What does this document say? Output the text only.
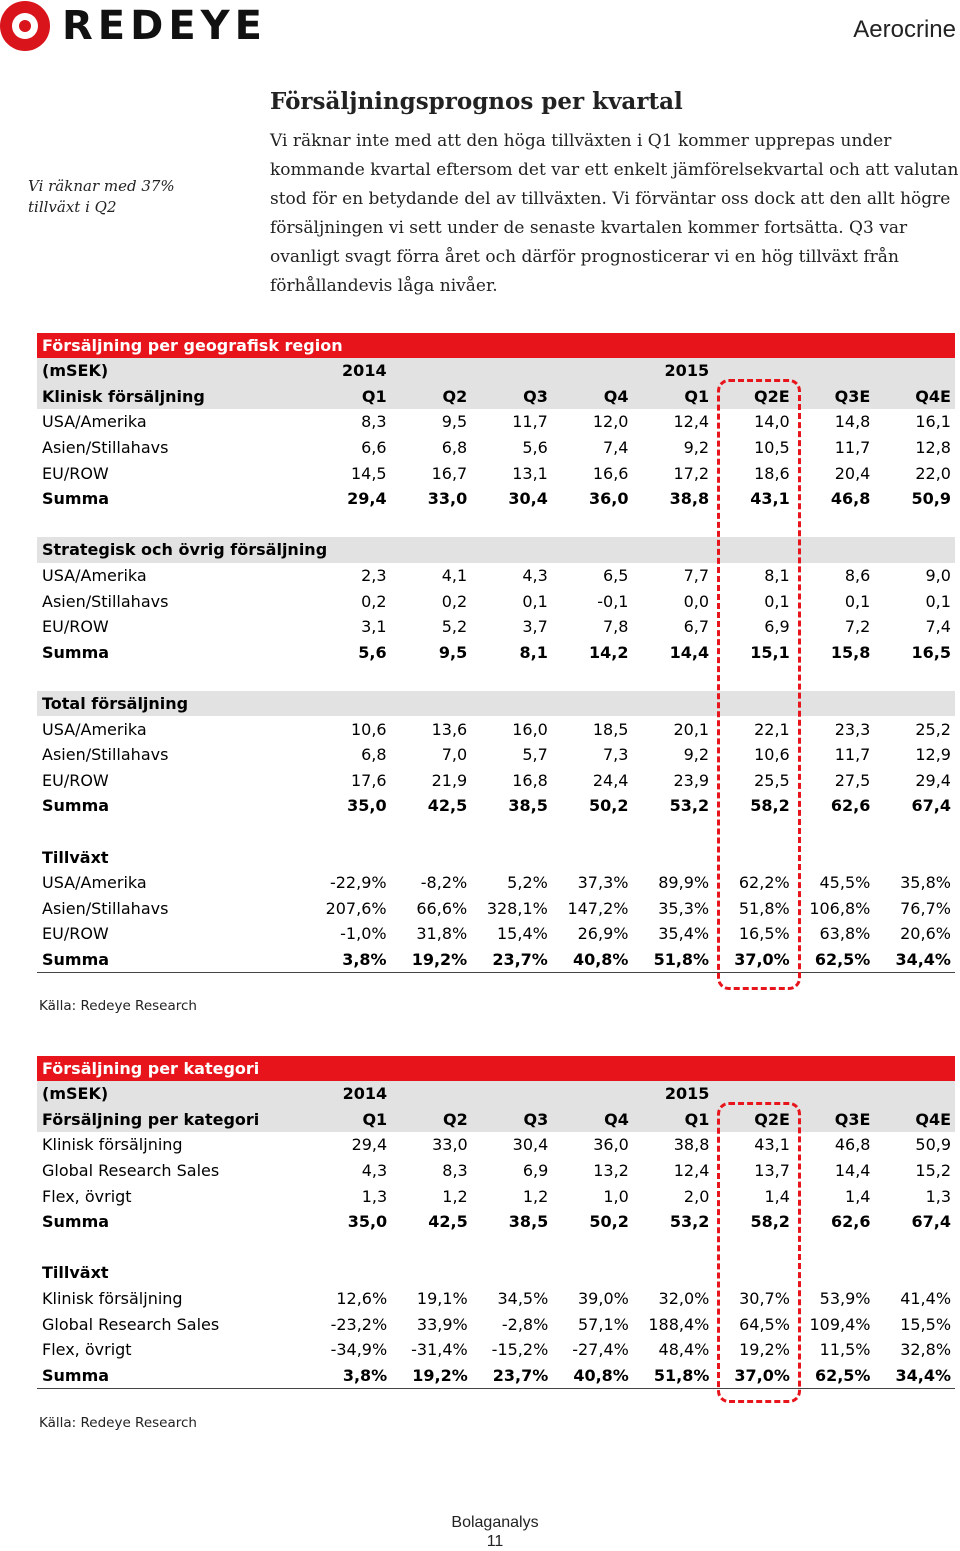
REDEYE	Aerocrine
Vi räknar med 37% tillväxt i Q2
Försäljningsprognos per kvartal
Vi räknar inte med att den höga tillväxten i Q1 kommer upprepas under kommande kvartal eftersom det var ett enkelt jämförelsekvartal och att valutan stod för en betydande del av tillväxten. Vi förväntar oss dock att den allt högre försäljningen vi sett under de senaste kvartalen kommer fortsätta. Q3 var ovanligt svagt förra året och därför prognosticerar vi en hög tillväxt från förhållandevis låga nivåer.
Försäljning per geografisk region
(mSEK)	2014	2015
Klinisk försäljning	Q1	Q2	Q3	Q4	Q1	Q2E	Q3E	Q4E
USA/Amerika	8,3	9,5	11,7	12,0	12,4	14,0	14,8	16,1
Asien/Stillahavs	6,6	6,8	5,6	7,4	9,2	10,5	11,7	12,8
EU/ROW	14,5	16,7	13,1	16,6	17,2	18,6	20,4	22,0
Summa	29,4	33,0	30,4	36,0	38,8	43,1	46,8	50,9
Strategisk och övrig försäljning
USA/Amerika	2,3	4,1	4,3	6,5	7,7	8,1	8,6	9,0
Asien/Stillahavs	0,2	0,2	0,1	-0,1	0,0	0,1	0,1	0,1
EU/ROW	3,1	5,2	3,7	7,8	6,7	6,9	7,2	7,4
Summa	5,6	9,5	8,1	14,2	14,4	15,1	15,8	16,5
Total försäljning
USA/Amerika	10,6	13,6	16,0	18,5	20,1	22,1	23,3	25,2
Asien/Stillahavs	6,8	7,0	5,7	7,3	9,2	10,6	11,7	12,9
EU/ROW	17,6	21,9	16,8	24,4	23,9	25,5	27,5	29,4
Summa	35,0	42,5	38,5	50,2	53,2	58,2	62,6	67,4
Tillväxt
USA/Amerika	-22,9%	-8,2%	5,2%	37,3%	89,9%	62,2%	45,5%	35,8%
Asien/Stillahavs	207,6%	66,6%	328,1%	147,2%	35,3%	51,8%	106,8%	76,7%
EU/ROW	-1,0%	31,8%	15,4%	26,9%	35,4%	16,5%	63,8%	20,6%
Summa	3,8%	19,2%	23,7%	40,8%	51,8%	37,0%	62,5%	34,4%
Källa: Redeye Research
Försäljning per kategori
(mSEK)	2014	2015
Försäljning per kategori	Q1	Q2	Q3	Q4	Q1	Q2E	Q3E	Q4E
Klinisk försäljning	29,4	33,0	30,4	36,0	38,8	43,1	46,8	50,9
Global Research Sales	4,3	8,3	6,9	13,2	12,4	13,7	14,4	15,2
Flex, övrigt	1,3	1,2	1,2	1,0	2,0	1,4	1,4	1,3
Summa	35,0	42,5	38,5	50,2	53,2	58,2	62,6	67,4
Tillväxt
Klinisk försäljning	12,6%	19,1%	34,5%	39,0%	32,0%	30,7%	53,9%	41,4%
Global Research Sales	-23,2%	33,9%	-2,8%	57,1%	188,4%	64,5%	109,4%	15,5%
Flex, övrigt	-34,9%	-31,4%	-15,2%	-27,4%	48,4%	19,2%	11,5%	32,8%
Summa	3,8%	19,2%	23,7%	40,8%	51,8%	37,0%	62,5%	34,4%
Källa: Redeye Research
Bolaganalys
11
